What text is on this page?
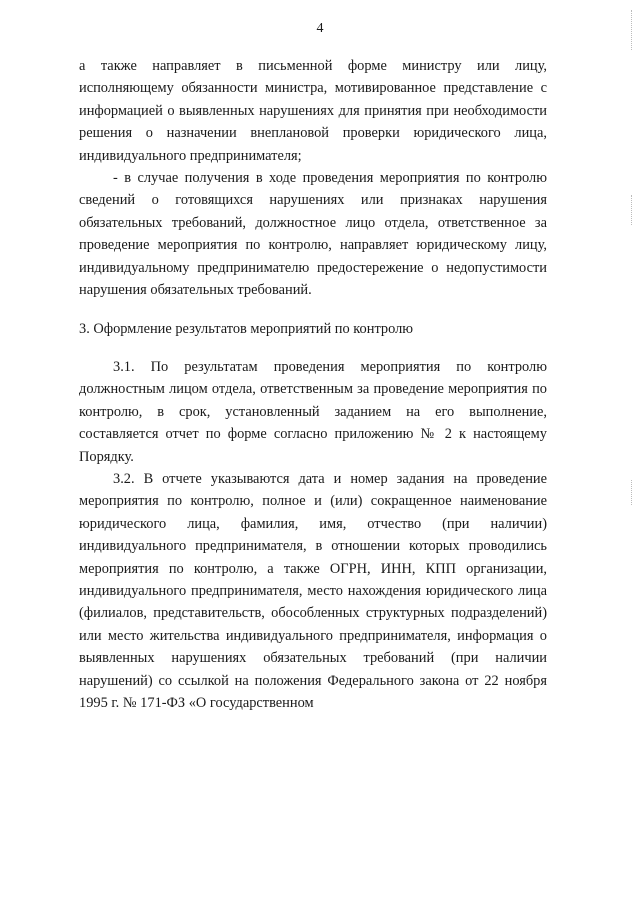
4

а также направляет в письменной форме министру или лицу, исполняющему обязанности министра, мотивированное представление с информацией о выявленных нарушениях для принятия при необходимости решения о назначении внеплановой проверки юридического лица, индивидуального предпринимателя;

- в случае получения в ходе проведения мероприятия по контролю сведений о готовящихся нарушениях или признаках нарушения обязательных требований, должностное лицо отдела, ответственное за проведение мероприятия по контролю, направляет юридическому лицу, индивидуальному предпринимателю предостережение о недопустимости нарушения обязательных требований.

3. Оформление результатов мероприятий по контролю

3.1. По результатам проведения мероприятия по контролю должностным лицом отдела, ответственным за проведение мероприятия по контролю, в срок, установленный заданием на его выполнение, составляется отчет по форме согласно приложению № 2 к настоящему Порядку.

3.2. В отчете указываются дата и номер задания на проведение мероприятия по контролю, полное и (или) сокращенное наименование юридического лица, фамилия, имя, отчество (при наличии) индивидуального предпринимателя, в отношении которых проводились мероприятия по контролю, а также ОГРН, ИНН, КПП организации, индивидуального предпринимателя, место нахождения юридического лица (филиалов, представительств, обособленных структурных подразделений) или место жительства индивидуального предпринимателя, информация о выявленных нарушениях обязательных требований (при наличии нарушений) со ссылкой на положения Федерального закона от 22 ноября 1995 г. № 171-ФЗ «О государственном
